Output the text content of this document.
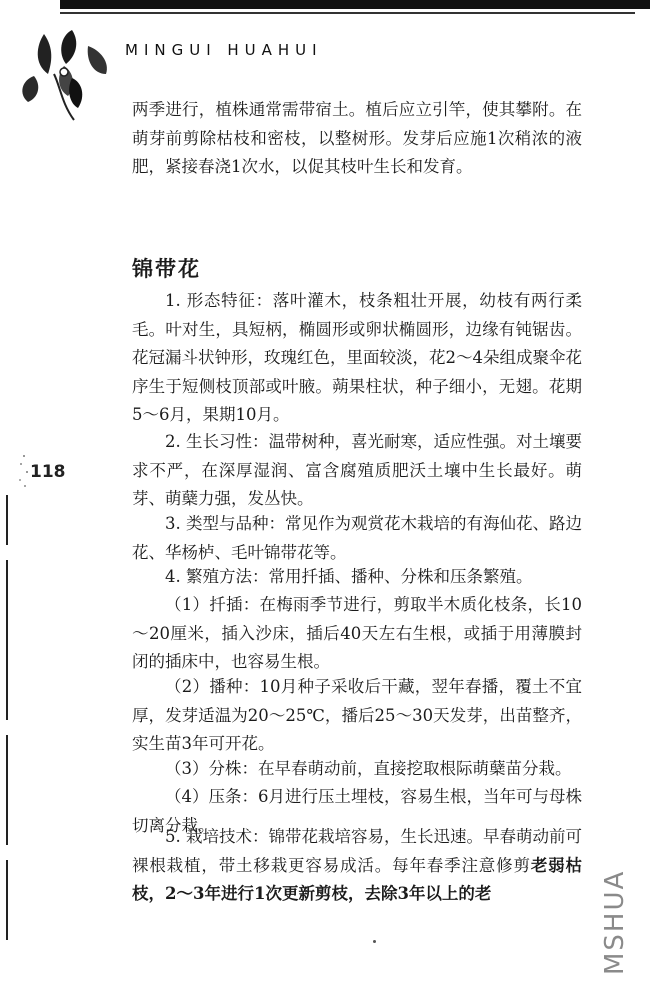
MINGUI HUAHUI

两季进行，植株通常需带宿土。植后应立引竿，使其攀附。在萌芽前剪除枯枝和密枝，以整树形。发芽后应施1次稍浓的液肥，紧接春浇1次水，以促其枝叶生长和发育。

锦带花

1. 形态特征：落叶灌木，枝条粗壮开展，幼枝有两行柔毛。叶对生，具短柄，椭圆形或卵状椭圆形，边缘有钝锯齿。花冠漏斗状钟形，玫瑰红色，里面较淡，花2～4朵组成聚伞花序生于短侧枝顶部或叶腋。蒴果柱状，种子细小，无翅。花期5～6月，果期10月。

2. 生长习性：温带树种，喜光耐寒，适应性强。对土壤要求不严，在深厚湿润、富含腐殖质肥沃土壤中生长最好。萌芽、萌蘖力强，发丛快。

3. 类型与品种：常见作为观赏花木栽培的有海仙花、路边花、华杨栌、毛叶锦带花等。

4. 繁殖方法：常用扦插、播种、分株和压条繁殖。

（1）扦插：在梅雨季节进行，剪取半木质化枝条，长10～20厘米，插入沙床，插后40天左右生根，或插于用薄膜封闭的插床中，也容易生根。

（2）播种：10月种子采收后干藏，翌年春播，覆土不宜厚，发芽适温为20～25℃，播后25～30天发芽，出苗整齐，实生苗3年可开花。

（3）分株：在早春萌动前，直接挖取根际萌蘖苗分栽。

（4）压条：6月进行压土埋枝，容易生根，当年可与母株切离分栽。

5. 栽培技术：锦带花栽培容易，生长迅速。早春萌动前可裸根栽植，带土移栽更容易成活。每年春季注意修剪老弱枯枝，2～3年进行1次更新剪枝，去除3年以上的老

118
MSHUA
